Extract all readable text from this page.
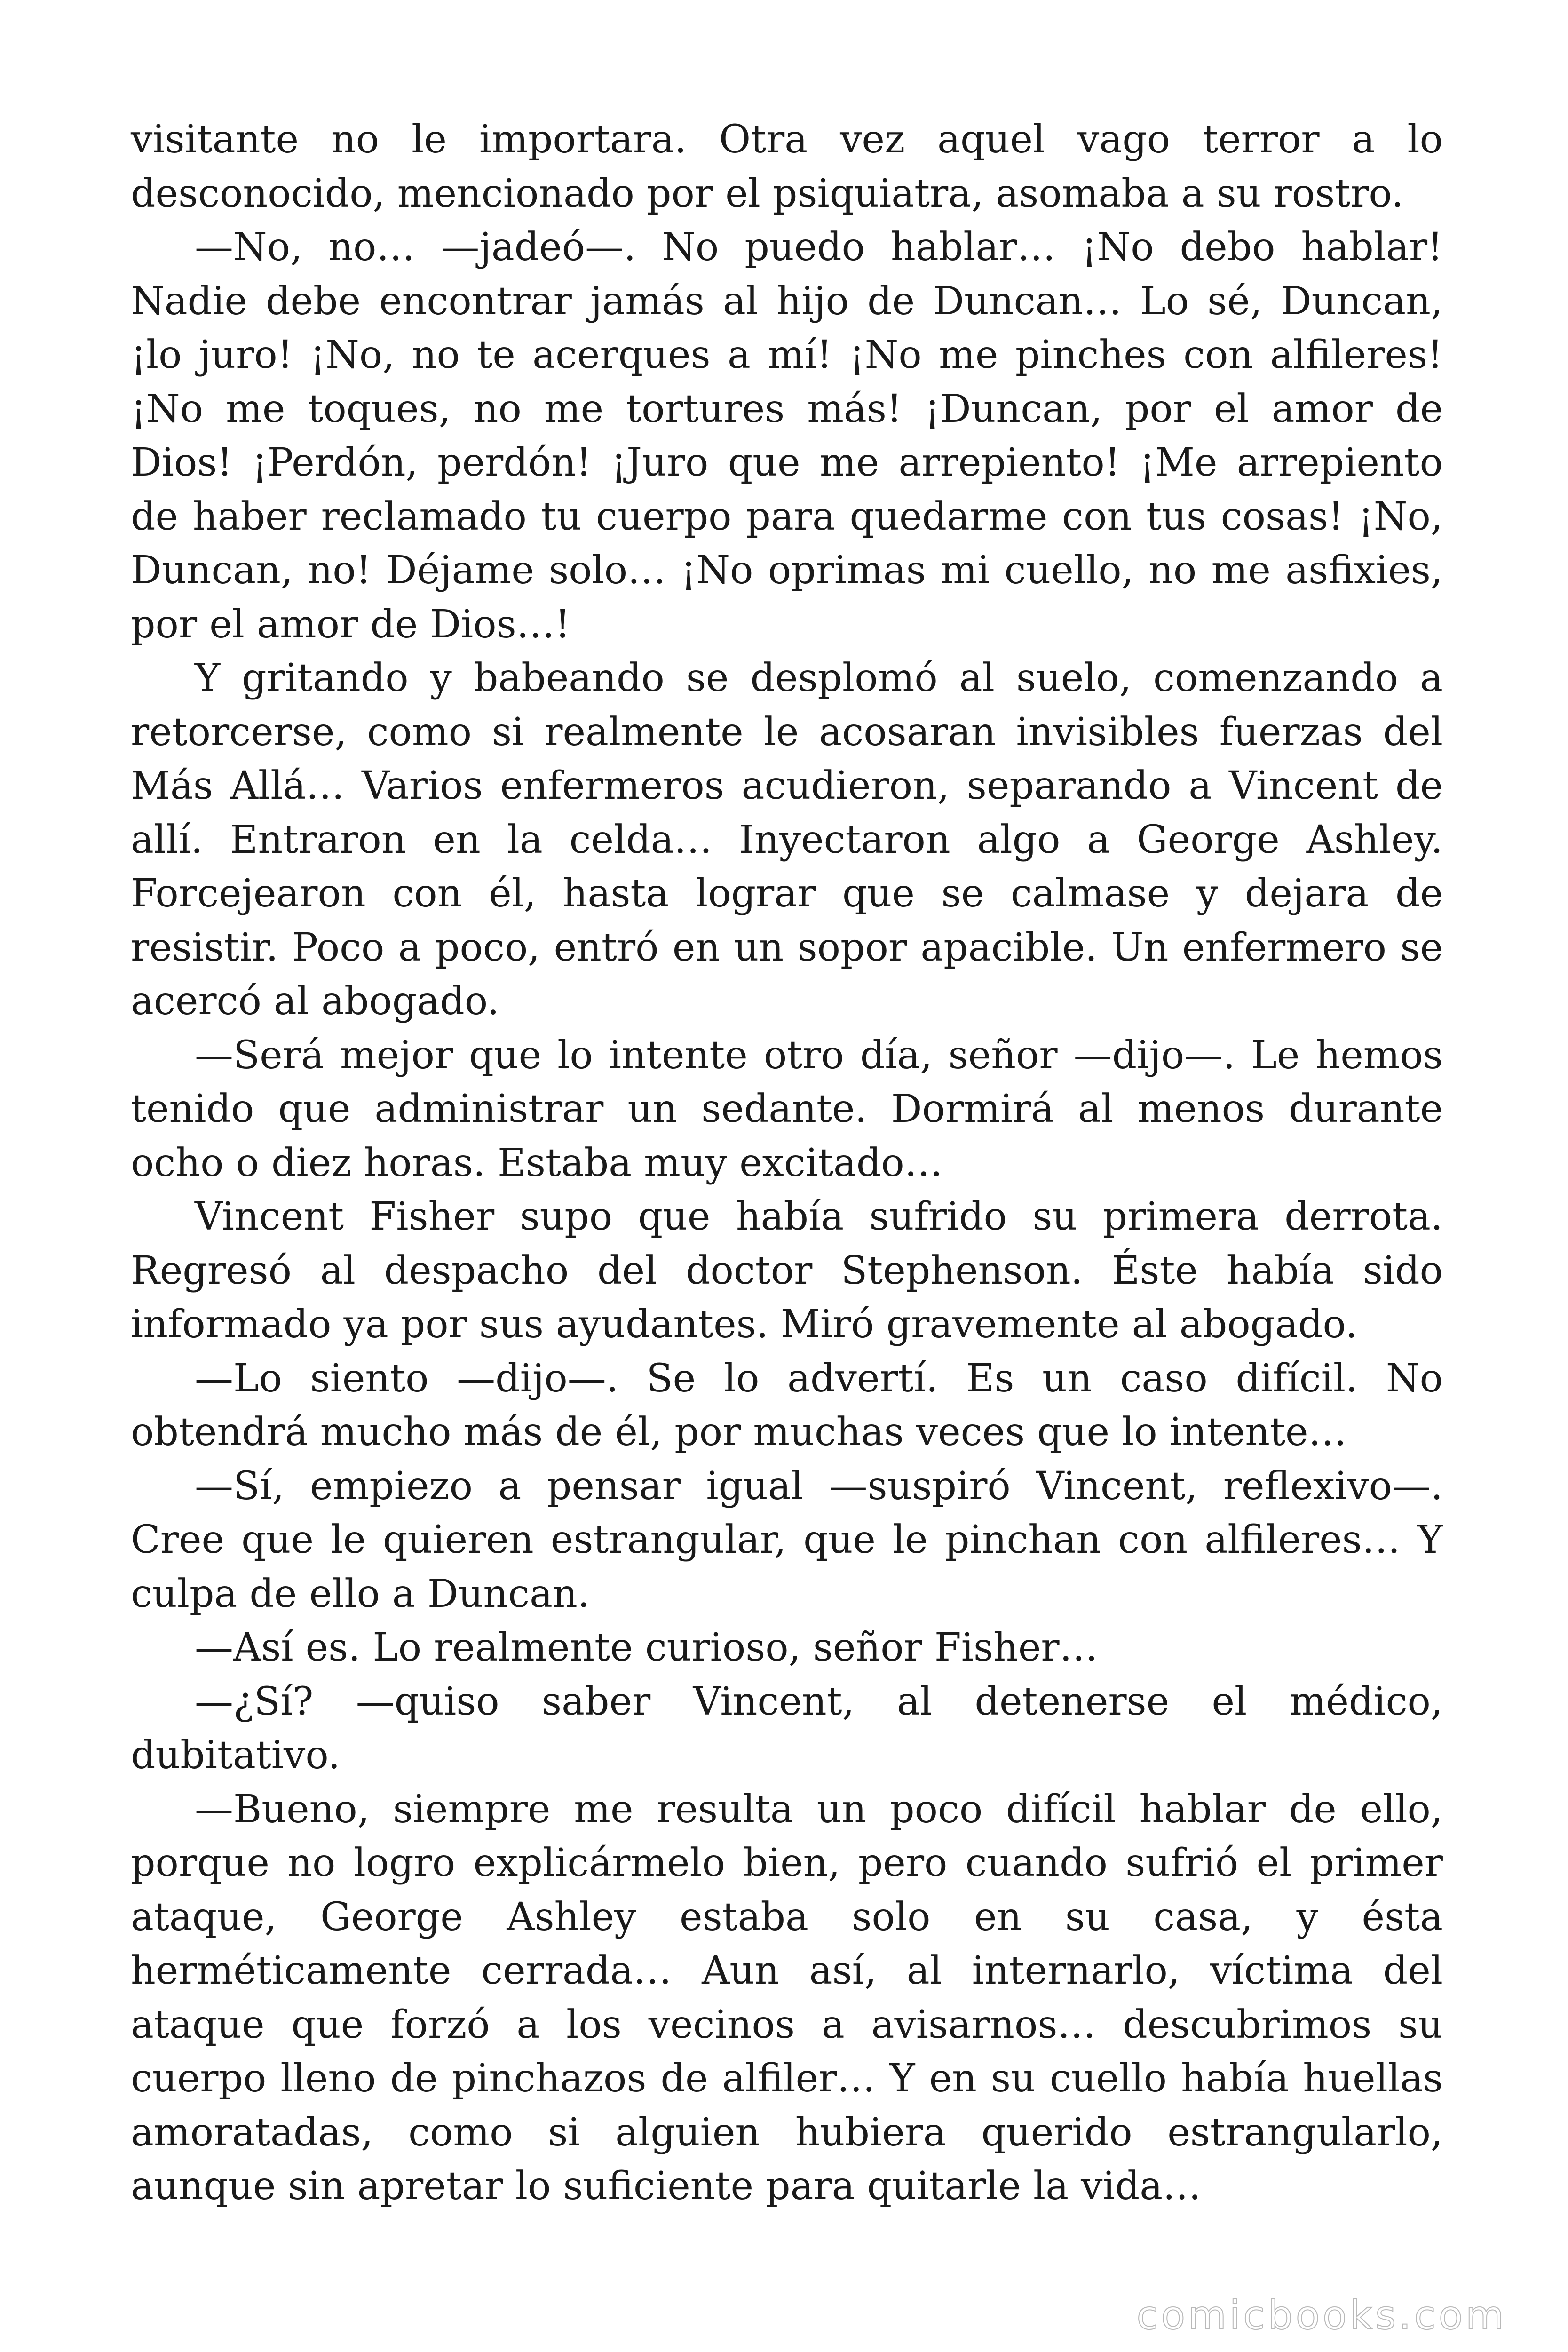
visitante no le importara. Otra vez aquel vago terror a lo desconocido, mencionado por el psiquiatra, asomaba a su rostro.

—No, no… —jadeó—. No puedo hablar… ¡No debo hablar! Nadie debe encontrar jamás al hijo de Duncan… Lo sé, Duncan, ¡lo juro! ¡No, no te acerques a mí! ¡No me pinches con alfileres! ¡No me toques, no me tortures más! ¡Duncan, por el amor de Dios! ¡Perdón, perdón! ¡Juro que me arrepiento! ¡Me arrepiento de haber reclamado tu cuerpo para quedarme con tus cosas! ¡No, Duncan, no! Déjame solo… ¡No oprimas mi cuello, no me asfixies, por el amor de Dios…!

Y gritando y babeando se desplomó al suelo, comenzando a retorcerse, como si realmente le acosaran invisibles fuerzas del Más Allá… Varios enfermeros acudieron, separando a Vincent de allí. Entraron en la celda… Inyectaron algo a George Ashley. Forcejearon con él, hasta lograr que se calmase y dejara de resistir. Poco a poco, entró en un sopor apacible. Un enfermero se acercó al abogado.

—Será mejor que lo intente otro día, señor —dijo—. Le hemos tenido que administrar un sedante. Dormirá al menos durante ocho o diez horas. Estaba muy excitado…

Vincent Fisher supo que había sufrido su primera derrota. Regresó al despacho del doctor Stephenson. Éste había sido informado ya por sus ayudantes. Miró gravemente al abogado.

—Lo siento —dijo—. Se lo advertí. Es un caso difícil. No obtendrá mucho más de él, por muchas veces que lo intente…

—Sí, empiezo a pensar igual —suspiró Vincent, reflexivo—. Cree que le quieren estrangular, que le pinchan con alfileres… Y culpa de ello a Duncan.

—Así es. Lo realmente curioso, señor Fisher…

—¿Sí? —quiso saber Vincent, al detenerse el médico, dubitativo.

—Bueno, siempre me resulta un poco difícil hablar de ello, porque no logro explicármelo bien, pero cuando sufrió el primer ataque, George Ashley estaba solo en su casa, y ésta herméticamente cerrada… Aun así, al internarlo, víctima del ataque que forzó a los vecinos a avisarnos… descubrimos su cuerpo lleno de pinchazos de alfiler… Y en su cuello había huellas amoratadas, como si alguien hubiera querido estrangularlo, aunque sin apretar lo suficiente para quitarle la vida…

comicbooks.com
